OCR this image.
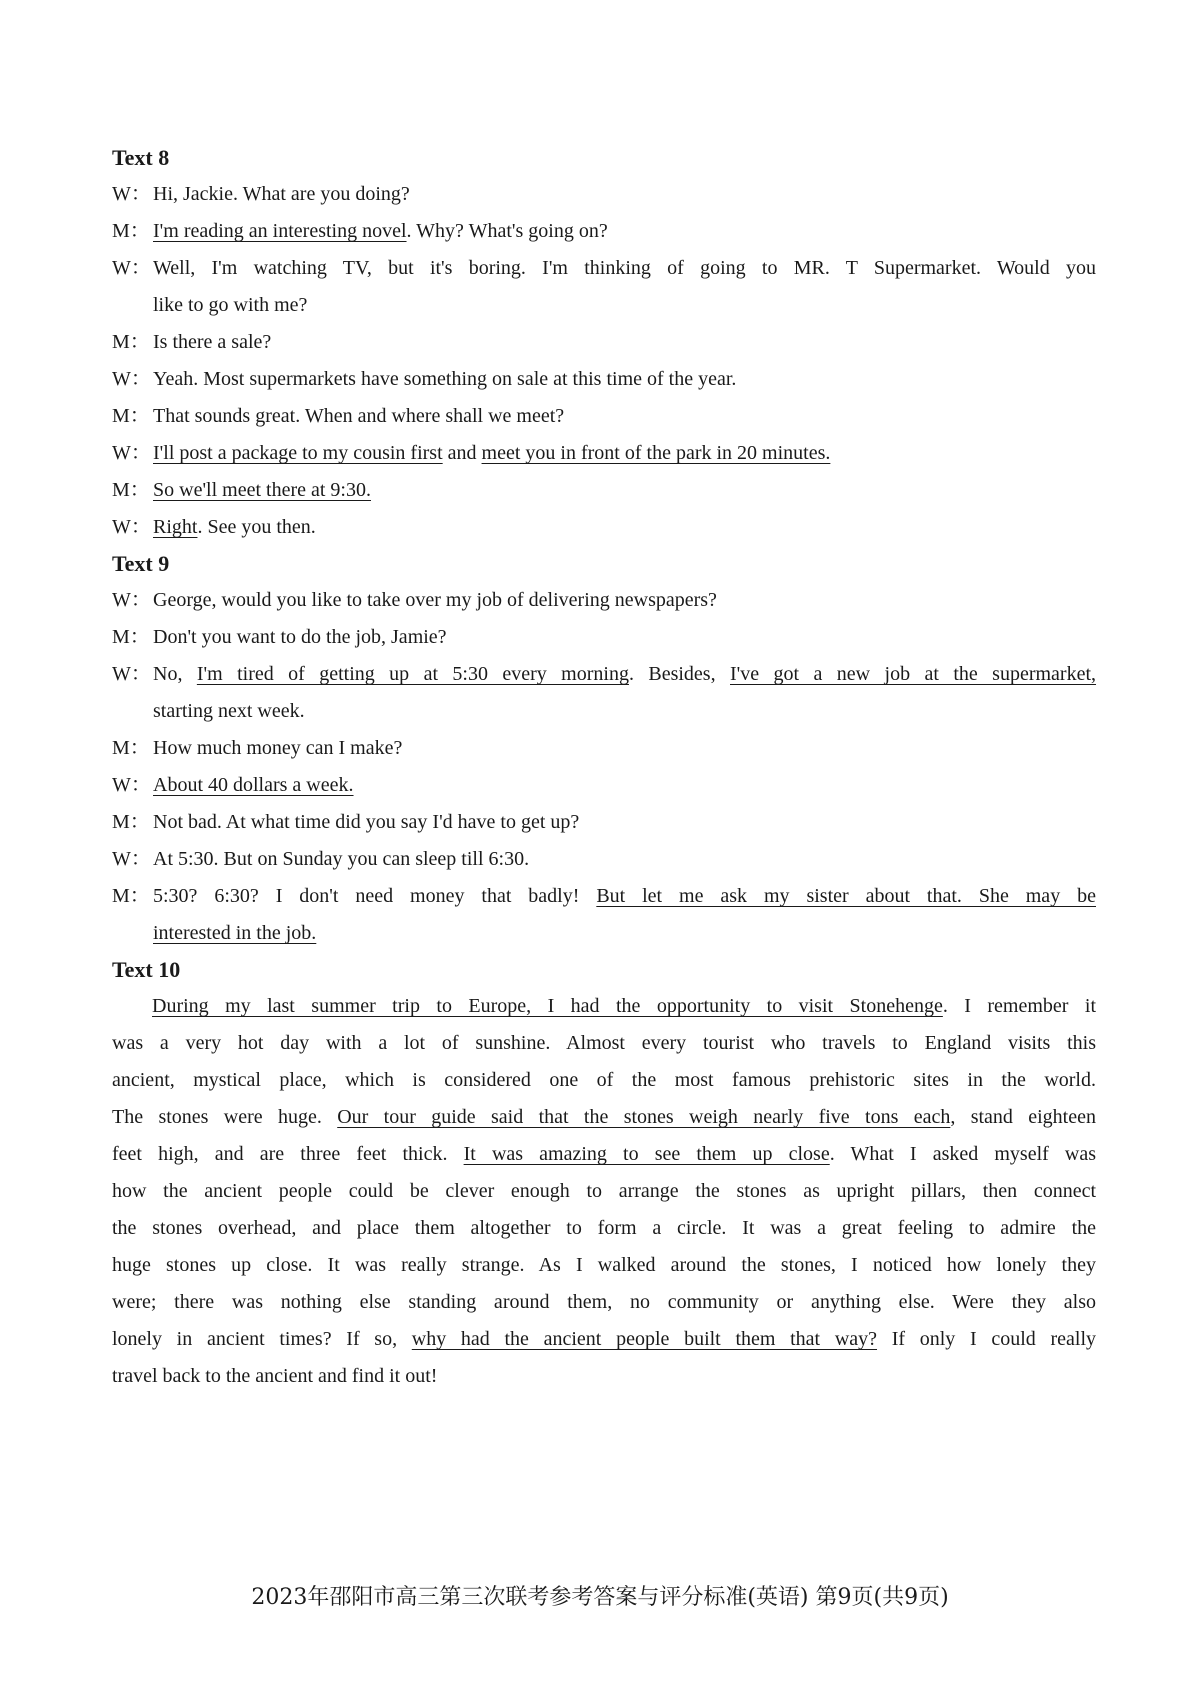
Text 8
W： Hi, Jackie. What are you doing?
M： I'm reading an interesting novel. Why? What's going on?
W： Well, I'm watching TV, but it's boring. I'm thinking of going to MR. T Supermarket. Would you
like to go with me?
M： Is there a sale?
W： Yeah. Most supermarkets have something on sale at this time of the year.
M： That sounds great. When and where shall we meet?
W： I'll post a package to my cousin first and meet you in front of the park in 20 minutes.
M： So we'll meet there at 9:30.
W： Right. See you then.
Text 9
W： George, would you like to take over my job of delivering newspapers?
M： Don't you want to do the job, Jamie?
W： No, I'm tired of getting up at 5:30 every morning. Besides, I've got a new job at the supermarket,
starting next week.
M： How much money can I make?
W： About 40 dollars a week.
M： Not bad. At what time did you say I'd have to get up?
W： At 5:30. But on Sunday you can sleep till 6:30.
M： 5:30? 6:30? I don't need money that badly! But let me ask my sister about that. She may be
interested in the job.
Text 10
During my last summer trip to Europe, I had the opportunity to visit Stonehenge. I remember it
was a very hot day with a lot of sunshine. Almost every tourist who travels to England visits this
ancient, mystical place, which is considered one of the most famous prehistoric sites in the world.
The stones were huge. Our tour guide said that the stones weigh nearly five tons each, stand eighteen
feet high, and are three feet thick. It was amazing to see them up close. What I asked myself was
how the ancient people could be clever enough to arrange the stones as upright pillars, then connect
the stones overhead, and place them altogether to form a circle. It was a great feeling to admire the
huge stones up close. It was really strange. As I walked around the stones, I noticed how lonely they
were; there was nothing else standing around them, no community or anything else. Were they also
lonely in ancient times? If so, why had the ancient people built them that way? If only I could really
travel back to the ancient and find it out!
2023年邵阳市高三第三次联考参考答案与评分标准(英语) 第9页(共9页)
